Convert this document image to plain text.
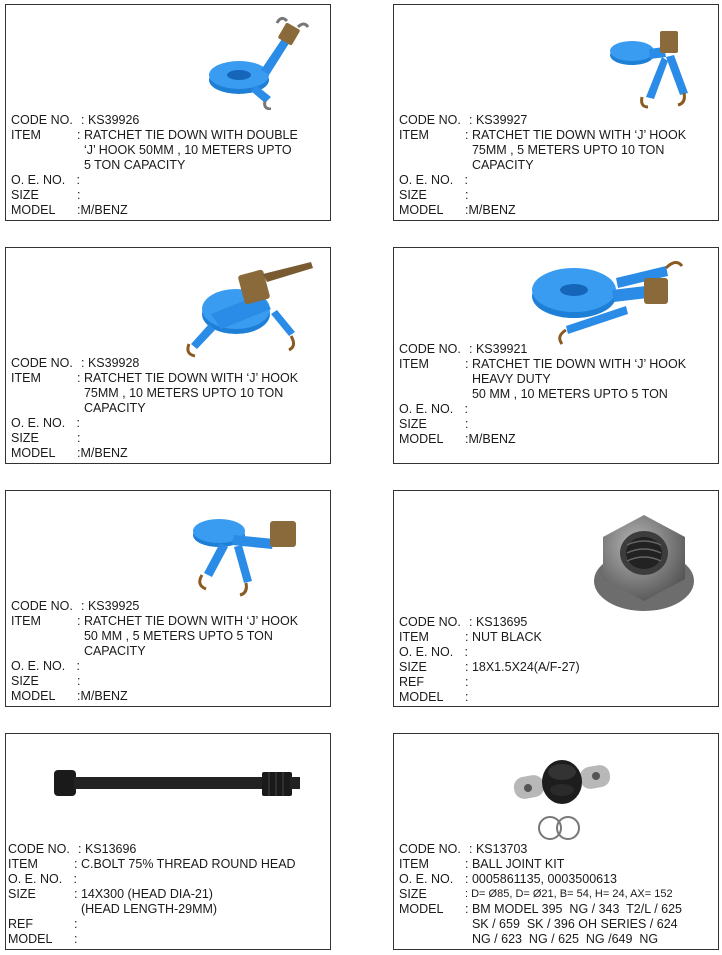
CODE NO. : KS39926
ITEM	: RATCHET TIE DOWN WITH DOUBLE
‘J’ HOOK 50MM , 10 METERS UPTO
5 TON CAPACITY
O. E. NO. :
SIZE	:
MODEL	:M/BENZ
CODE NO. : KS39927
ITEM	: RATCHET TIE DOWN WITH ‘J’ HOOK
75MM , 5 METERS UPTO 10 TON
CAPACITY
O. E. NO. :
SIZE	:
MODEL	:M/BENZ
CODE NO. : KS39928
ITEM	: RATCHET TIE DOWN WITH ‘J’ HOOK
75MM , 10 METERS UPTO 10 TON
CAPACITY
O. E. NO. :
SIZE	:
MODEL	:M/BENZ
CODE NO. : KS39921
ITEM	: RATCHET TIE DOWN WITH ‘J’ HOOK
HEAVY DUTY
50 MM , 10 METERS UPTO 5 TON
O. E. NO. :
SIZE	:
MODEL	:M/BENZ
CODE NO. : KS39925
ITEM	: RATCHET TIE DOWN WITH ‘J’ HOOK
50 MM , 5 METERS UPTO 5 TON
CAPACITY
O. E. NO. :
SIZE	:
MODEL	:M/BENZ
CODE NO. : KS13695
ITEM	: NUT BLACK
O. E. NO. :
SIZE	: 18X1.5X24(A/F-27)
REF	:
MODEL	:
CODE NO. : KS13696
ITEM	: C.BOLT 75% THREAD ROUND HEAD
O. E. NO. :
SIZE	: 14X300 (HEAD DIA-21)
(HEAD LENGTH-29MM)
REF	:
MODEL	:
CODE NO. : KS13703
ITEM	: BALL JOINT KIT
O. E. NO. : 0005861135, 0003500613
SIZE	: D= Ø85, D= Ø21, B= 54, H= 24, AX= 152
MODEL	: BM MODEL 395  NG / 343  T2/L / 625
SK / 659  SK / 396 OH SERIES / 624
NG / 623  NG / 625  NG /649  NG
